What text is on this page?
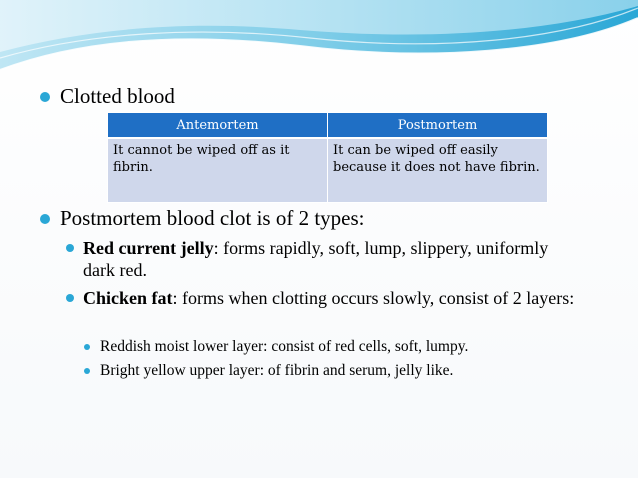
Clotted blood
Antemortem	Postmortem
It cannot be wiped off as it fibrin.	It can be wiped off easily because it does not have fibrin.
Postmortem blood clot is of 2 types:
Red current jelly: forms rapidly, soft, lump, slippery, uniformly dark red.
Chicken fat: forms when clotting occurs slowly, consist of 2 layers:
Reddish moist lower layer: consist of red cells, soft, lumpy.
Bright yellow upper layer: of fibrin and serum, jelly like.
